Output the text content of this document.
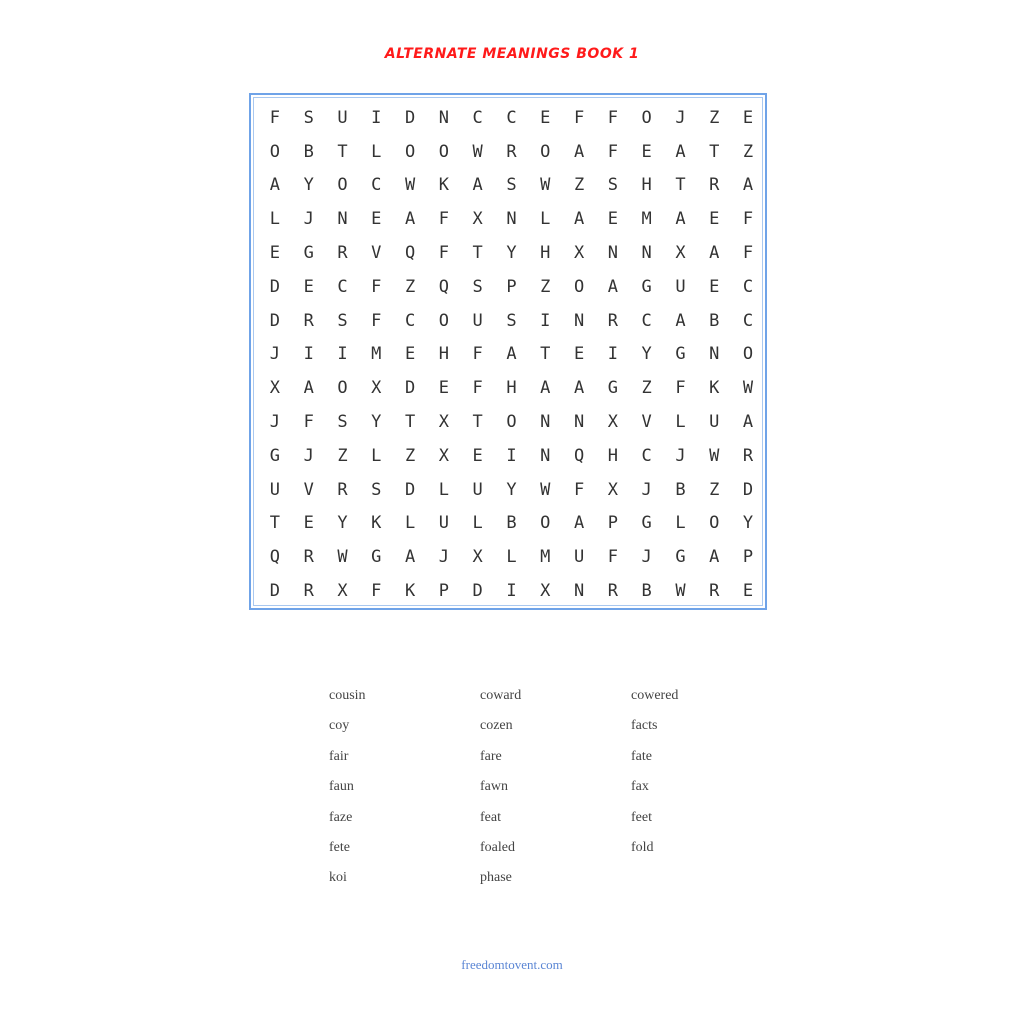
ALTERNATE MEANINGS BOOK 1
F	S	U	I	D	N	C	C	E	F	F	O	J	Z	E
O	B	T	L	O	O	W	R	O	A	F	E	A	T	Z
A	Y	O	C	W	K	A	S	W	Z	S	H	T	R	A
L	J	N	E	A	F	X	N	L	A	E	M	A	E	F
E	G	R	V	Q	F	T	Y	H	X	N	N	X	A	F
D	E	C	F	Z	Q	S	P	Z	O	A	G	U	E	C
D	R	S	F	C	O	U	S	I	N	R	C	A	B	C
J	I	I	M	E	H	F	A	T	E	I	Y	G	N	O
X	A	O	X	D	E	F	H	A	A	G	Z	F	K	W
J	F	S	Y	T	X	T	O	N	N	X	V	L	U	A
G	J	Z	L	Z	X	E	I	N	Q	H	C	J	W	R
U	V	R	S	D	L	U	Y	W	F	X	J	B	Z	D
T	E	Y	K	L	U	L	B	O	A	P	G	L	O	Y
Q	R	W	G	A	J	X	L	M	U	F	J	G	A	P
D	R	X	F	K	P	D	I	X	N	R	B	W	R	E
cousin	coward	cowered
coy	cozen	facts
fair	fare	fate
faun	fawn	fax
faze	feat	feet
fete	foaled	fold
koi	phase
freedomtovent.com
